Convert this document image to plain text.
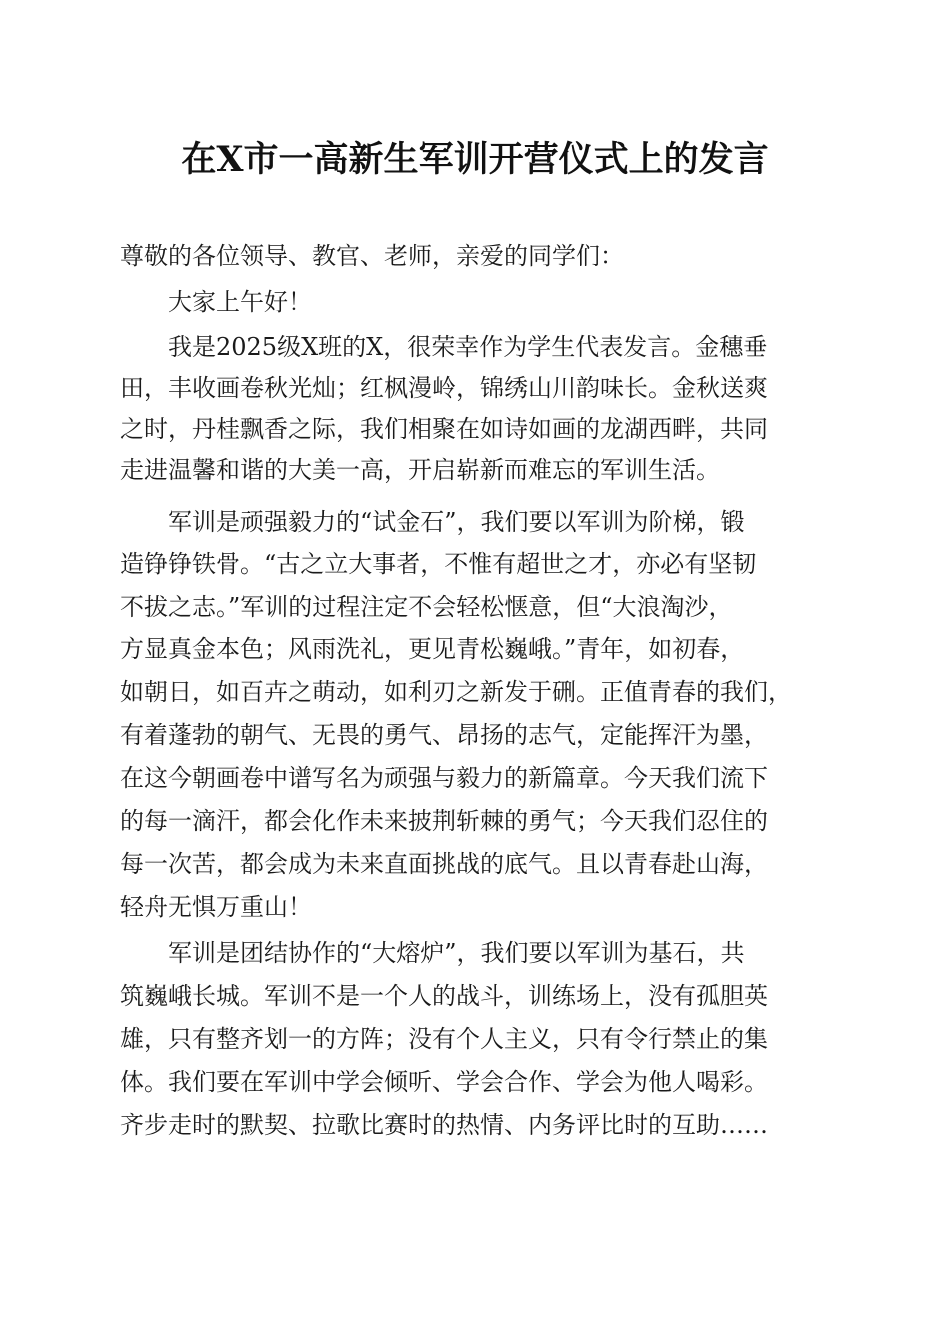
在X市一高新生军训开营仪式上的发言
尊敬的各位领导、教官、老师，亲爱的同学们：
大家上午好！
我是2025级X班的X，很荣幸作为学生代表发言。金穗垂
田，丰收画卷秋光灿；红枫漫岭，锦绣山川韵味长。金秋送爽
之时，丹桂飘香之际，我们相聚在如诗如画的龙湖西畔，共同
走进温馨和谐的大美一高，开启崭新而难忘的军训生活。
军训是顽强毅力的“试金石”，我们要以军训为阶梯，锻
造铮铮铁骨。“古之立大事者，不惟有超世之才，亦必有坚韧
不拔之志。”军训的过程注定不会轻松惬意，但“大浪淘沙，
方显真金本色；风雨洗礼，更见青松巍峨。”青年，如初春，
如朝日，如百卉之萌动，如利刃之新发于硎。正值青春的我们，
有着蓬勃的朝气、无畏的勇气、昂扬的志气，定能挥汗为墨，
在这今朝画卷中谱写名为顽强与毅力的新篇章。今天我们流下
的每一滴汗，都会化作未来披荆斩棘的勇气；今天我们忍住的
每一次苦，都会成为未来直面挑战的底气。且以青春赴山海，
轻舟无惧万重山！
军训是团结协作的“大熔炉”，我们要以军训为基石，共
筑巍峨长城。军训不是一个人的战斗，训练场上，没有孤胆英
雄，只有整齐划一的方阵；没有个人主义，只有令行禁止的集
体。我们要在军训中学会倾听、学会合作、学会为他人喝彩。
齐步走时的默契、拉歌比赛时的热情、内务评比时的互助……
